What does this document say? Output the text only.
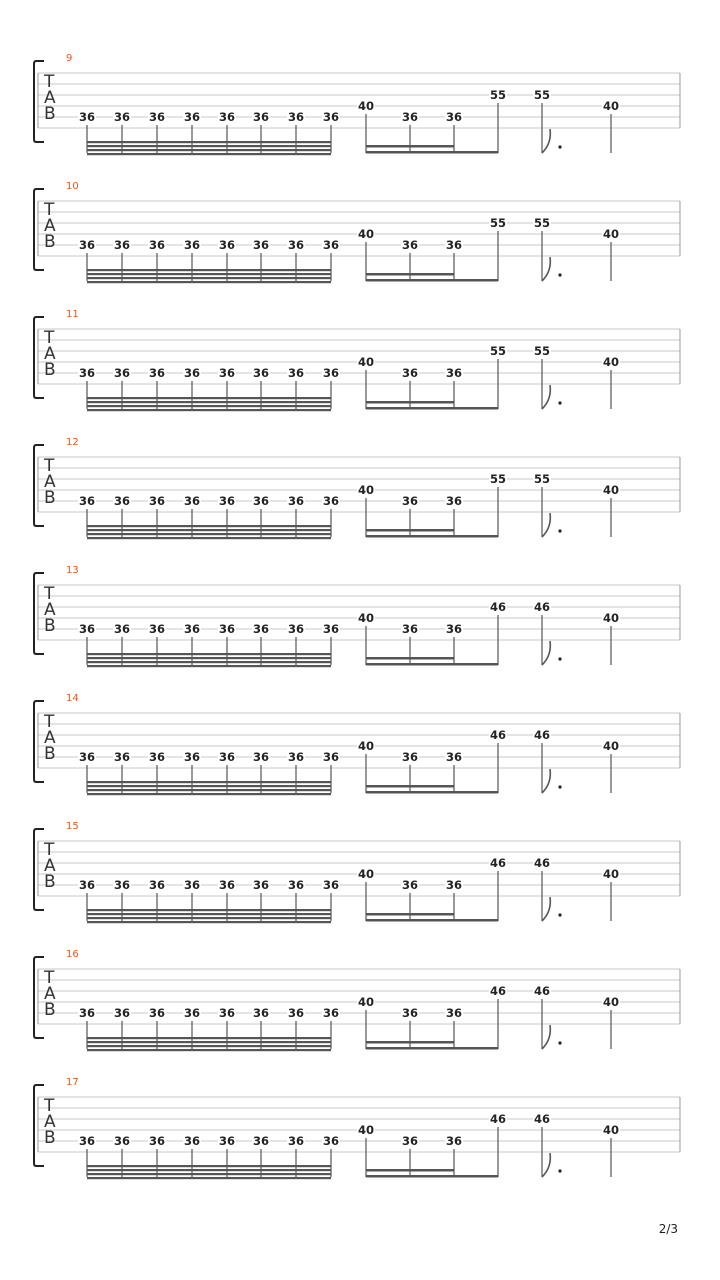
9
T
A
B 36 36 36 36 36 36 36 36
40
36 36
55 55
40
10
T
A
B 36 36 36 36 36 36 36 36
40
36 36
55 55
40
11
T
A
B 36 36 36 36 36 36 36 36
40
36 36
55 55
40
12
T
A
B 36 36 36 36 36 36 36 36
40
36 36
55 55
40
13
T
A
B 36 36 36 36 36 36 36 36
40
36 36
46 46
40
14
T
A
B 36 36 36 36 36 36 36 36
40
36 36
46 46
40
15
T
A
B 36 36 36 36 36 36 36 36
40
36 36
46 46
40
16
T
A
B 36 36 36 36 36 36 36 36
40
36 36
46 46
40
17
T
A
B 36 36 36 36 36 36 36 36
40
36 36
46 46
40
2/3
